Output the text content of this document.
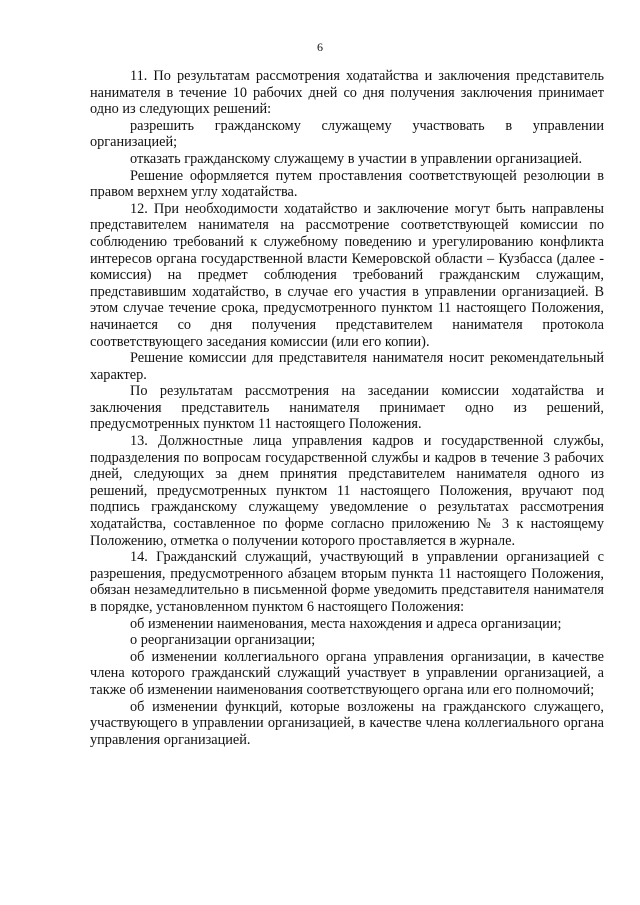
6

11. По результатам рассмотрения ходатайства и заключения представитель нанимателя в течение 10 рабочих дней со дня получения заключения принимает одно из следующих решений:

разрешить гражданскому служащему участвовать в управлении организацией;

отказать гражданскому служащему в участии в управлении организацией.

Решение оформляется путем проставления соответствующей резолюции в правом верхнем углу ходатайства.

12. При необходимости ходатайство и заключение могут быть направлены представителем нанимателя на рассмотрение соответствующей комиссии по соблюдению требований к служебному поведению и урегулированию конфликта интересов органа государственной власти Кемеровской области – Кузбасса (далее - комиссия) на предмет соблюдения требований гражданским служащим, представившим ходатайство, в случае его участия в управлении организацией. В этом случае течение срока, предусмотренного пунктом 11 настоящего Положения, начинается со дня получения представителем нанимателя протокола соответствующего заседания комиссии (или его копии).

Решение комиссии для представителя нанимателя носит рекомендательный характер.

По результатам рассмотрения на заседании комиссии ходатайства и заключения представитель нанимателя принимает одно из решений, предусмотренных пунктом 11 настоящего Положения.

13. Должностные лица управления кадров и государственной службы, подразделения по вопросам государственной службы и кадров в течение 3 рабочих дней, следующих за днем принятия представителем нанимателя одного из решений, предусмотренных пунктом 11 настоящего Положения, вручают под подпись гражданскому служащему уведомление о результатах рассмотрения ходатайства, составленное по форме согласно приложению № 3 к настоящему Положению, отметка о получении которого проставляется в журнале.

14. Гражданский служащий, участвующий в управлении организацией с разрешения, предусмотренного абзацем вторым пункта 11 настоящего Положения, обязан незамедлительно в письменной форме уведомить представителя нанимателя в порядке, установленном пунктом 6 настоящего Положения:

об изменении наименования, места нахождения и адреса организации;

о реорганизации организации;

об изменении коллегиального органа управления организации, в качестве члена которого гражданский служащий участвует в управлении организацией, а также об изменении наименования соответствующего органа или его полномочий;

об изменении функций, которые возложены на гражданского служащего, участвующего в управлении организацией, в качестве члена коллегиального органа управления организацией.
